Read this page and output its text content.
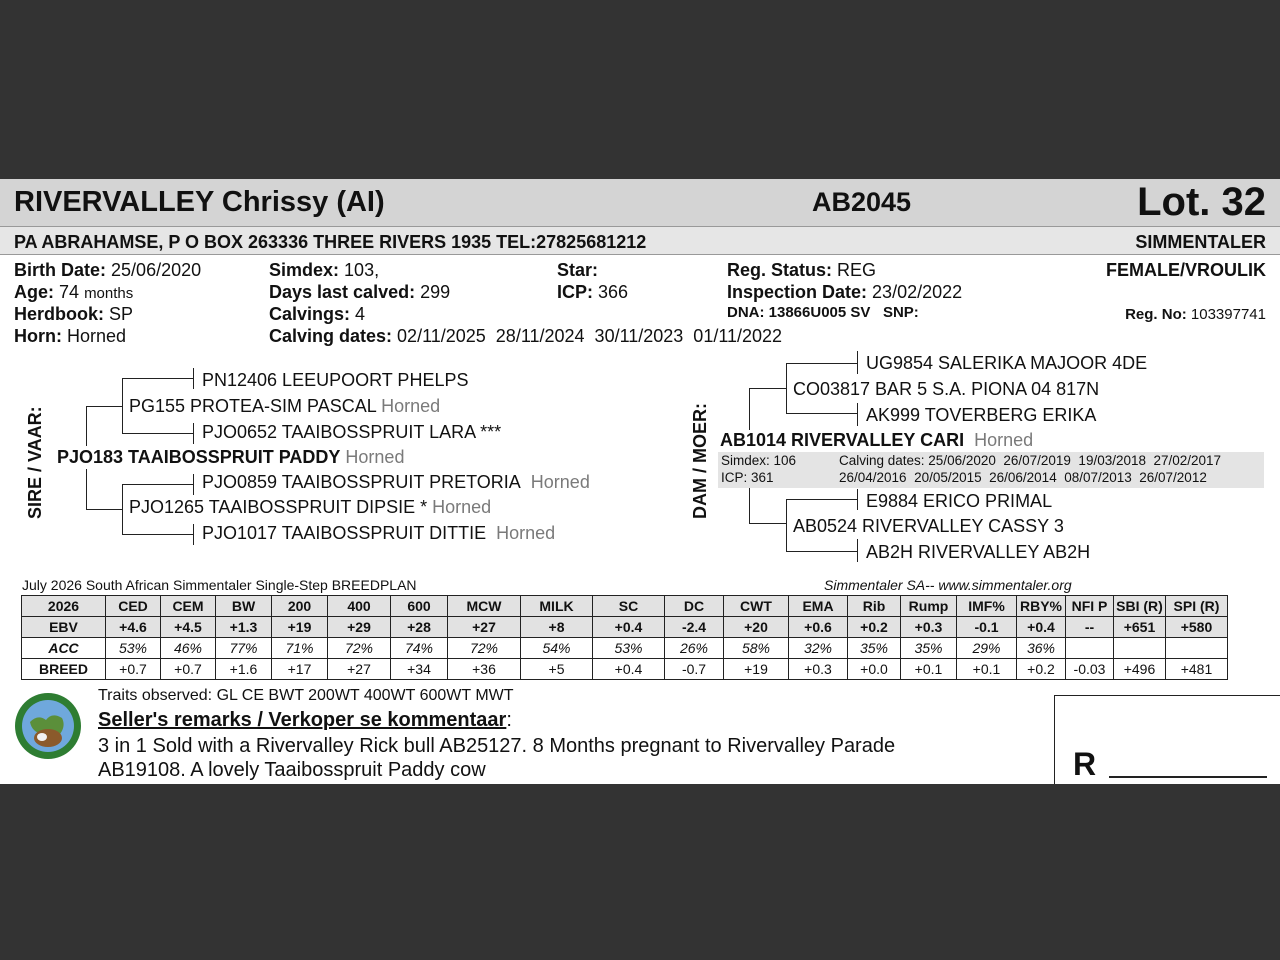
RIVERVALLEY Chrissy (AI)	AB2045	Lot. 32
PA ABRAHAMSE, P O BOX 263336 THREE RIVERS 1935 TEL:27825681212	SIMMENTALER
Birth Date: 25/06/2020
Age: 74 months
Herdbook: SP
Horn: Horned
Simdex: 103,
Days last calved: 299
Calvings: 4
Calving dates: 02/11/2025  28/11/2024  30/11/2023  01/11/2022
Star:
ICP: 366
Reg. Status: REG
Inspection Date: 23/02/2022
DNA: 13866U005 SV SNP:
FEMALE/VROULIK
Reg. No: 103397741
SIRE / VAAR:
PN12406 LEEUPOORT PHELPS
PG155 PROTEA-SIM PASCAL Horned
PJO0652 TAAIBOSSPRUIT LARA ***
PJO183 TAAIBOSSPRUIT PADDY Horned
PJO0859 TAAIBOSSPRUIT PRETORIA Horned
PJO1265 TAAIBOSSPRUIT DIPSIE * Horned
PJO1017 TAAIBOSSPRUIT DITTIE Horned
DAM / MOER:
UG9854 SALERIKA MAJOOR 4DE
CO03817 BAR 5 S.A. PIONA 04 817N
AK999 TOVERBERG ERIKA
AB1014 RIVERVALLEY CARI Horned
Simdex: 106
ICP: 361
Calving dates: 25/06/2020  26/07/2019  19/03/2018  27/02/2017
26/04/2016  20/05/2015  26/06/2014  08/07/2013  26/07/2012
E9884 ERICO PRIMAL
AB0524 RIVERVALLEY CASSY 3
AB2H RIVERVALLEY AB2H
July 2026 South African Simmentaler Single-Step BREEDPLAN	Simmentaler SA-- www.simmentaler.org
2026	CED	CEM	BW	200	400	600	MCW	MILK	SC	DC	CWT	EMA	Rib	Rump	IMF%	RBY%	NFI P	SBI (R)	SPI (R)
EBV	+4.6	+4.5	+1.3	+19	+29	+28	+27	+8	+0.4	-2.4	+20	+0.6	+0.2	+0.3	-0.1	+0.4	--	+651	+580
ACC	53%	46%	77%	71%	72%	74%	72%	54%	53%	26%	58%	32%	35%	35%	29%	36%			
BREED	+0.7	+0.7	+1.6	+17	+27	+34	+36	+5	+0.4	-0.7	+19	+0.3	+0.0	+0.1	+0.1	+0.2	-0.03	+496	+481
Traits observed: GL CE BWT 200WT 400WT 600WT MWT
Seller's remarks / Verkoper se kommentaar:
3 in 1 Sold with a Rivervalley Rick bull AB25127. 8 Months pregnant to Rivervalley Parade
AB19108. A lovely Taaibosspruit Paddy cow	R
